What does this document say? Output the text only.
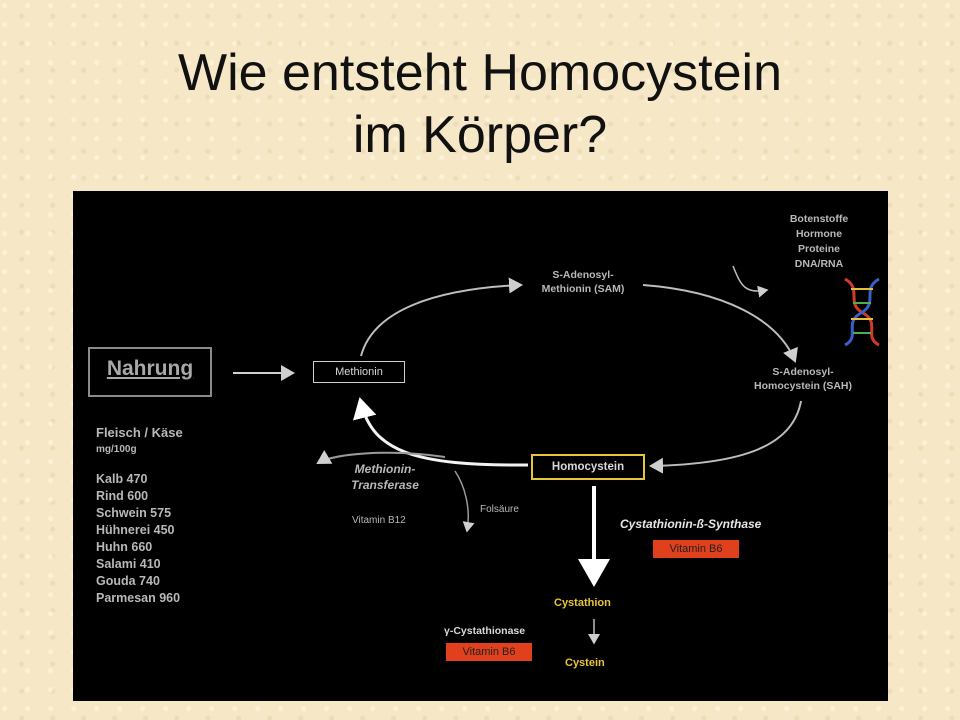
Wie entsteht Homocystein
im Körper?
Nahrung
Fleisch / Käse
mg/100g
Kalb 470
Rind 600
Schwein 575
Hühnerei 450
Huhn 660
Salami 410
Gouda 740
Parmesan 960
Methionin
S-Adenosyl-
Methionin (SAM)
Botenstoffe
Hormone
Proteine
DNA/RNA
S-Adenosyl-
Homocystein (SAH)
Homocystein
Methionin-
Transferase
Vitamin B12
Folsäure
Cystathionin-ß-Synthase
Vitamin B6
Cystathion
γ-Cystathionase
Vitamin B6
Cystein
